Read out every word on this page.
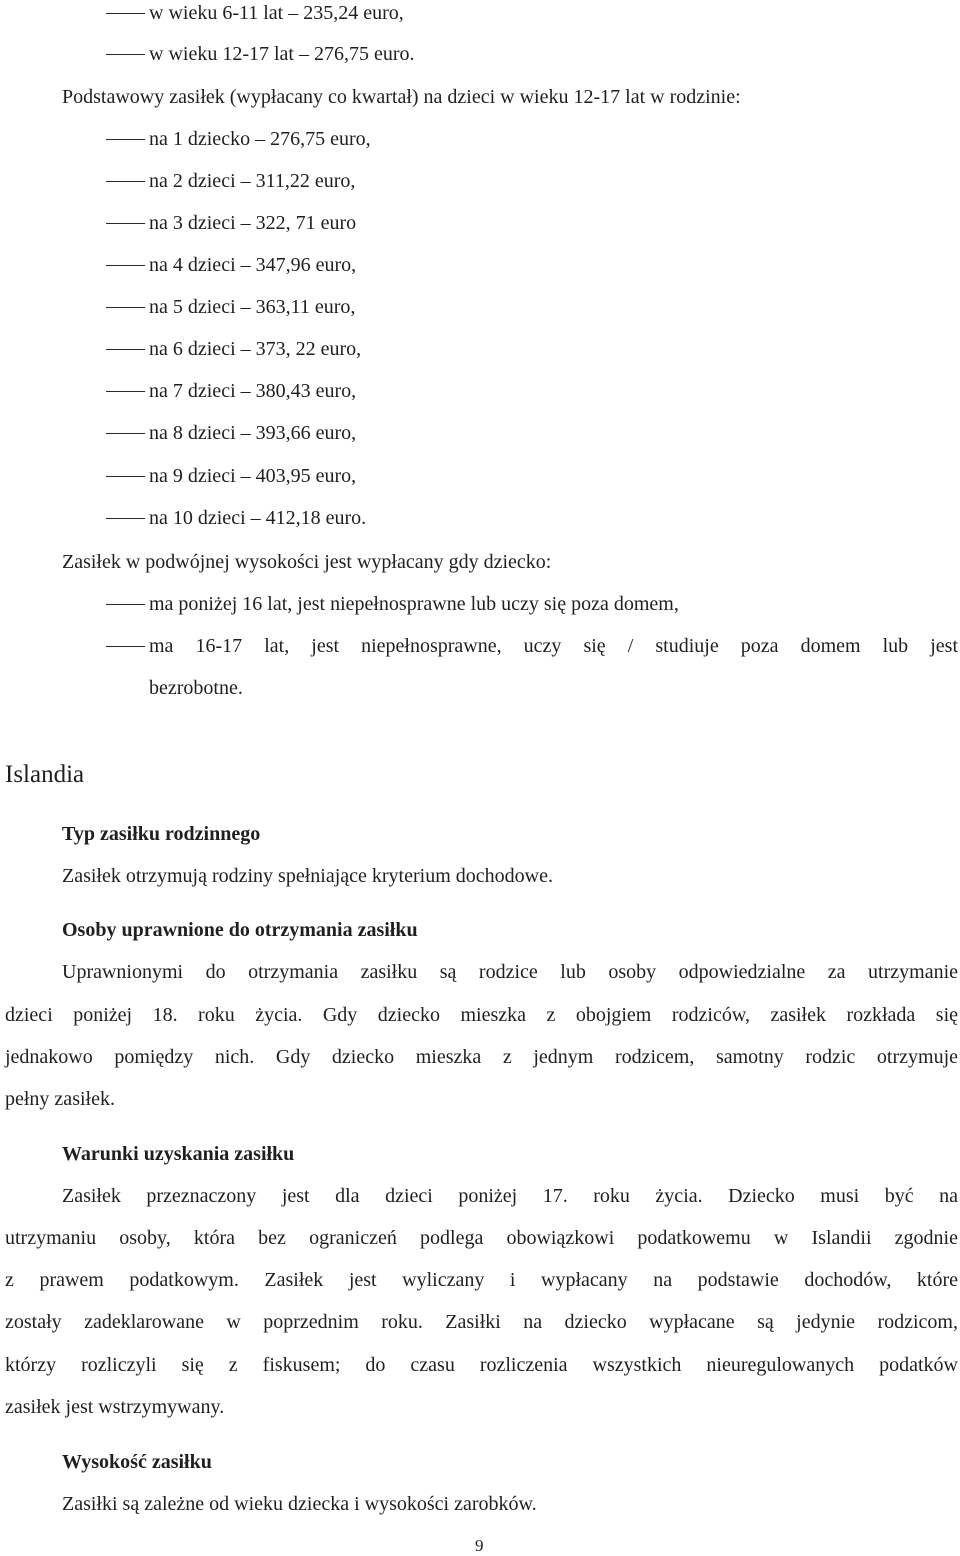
w wieku 6-11 lat – 235,24 euro,
w wieku 12-17 lat – 276,75 euro.
Podstawowy zasiłek (wypłacany co kwartał) na dzieci w wieku 12-17 lat w rodzinie:
na 1 dziecko – 276,75 euro,
na 2 dzieci – 311,22 euro,
na 3 dzieci – 322, 71 euro
na 4 dzieci – 347,96 euro,
na 5 dzieci – 363,11 euro,
na 6 dzieci – 373, 22 euro,
na 7 dzieci – 380,43 euro,
na 8 dzieci – 393,66 euro,
na 9 dzieci – 403,95 euro,
na 10 dzieci – 412,18 euro.
Zasiłek w podwójnej wysokości jest wypłacany gdy dziecko:
ma poniżej 16 lat, jest niepełnosprawne lub uczy się poza domem,
ma 16-17 lat, jest niepełnosprawne, uczy się / studiuje poza domem lub jest
bezrobotne.
Islandia
Typ zasiłku rodzinnego
Zasiłek otrzymują rodziny spełniające kryterium dochodowe.
Osoby uprawnione do otrzymania zasiłku
Uprawnionymi do otrzymania zasiłku są rodzice lub osoby odpowiedzialne za utrzymanie
dzieci poniżej 18. roku życia. Gdy dziecko mieszka z obojgiem rodziców, zasiłek rozkłada się
jednakowo pomiędzy nich. Gdy dziecko mieszka z jednym rodzicem, samotny rodzic otrzymuje
pełny zasiłek.
Warunki uzyskania zasiłku
Zasiłek przeznaczony jest dla dzieci poniżej 17. roku życia. Dziecko musi być na
utrzymaniu osoby, która bez ograniczeń podlega obowiązkowi podatkowemu w Islandii zgodnie
z prawem podatkowym. Zasiłek jest wyliczany i wypłacany na podstawie dochodów, które
zostały zadeklarowane w poprzednim roku. Zasiłki na dziecko wypłacane są jedynie rodzicom,
którzy rozliczyli się z fiskusem; do czasu rozliczenia wszystkich nieuregulowanych podatków
zasiłek jest wstrzymywany.
Wysokość zasiłku
Zasiłki są zależne od wieku dziecka i wysokości zarobków.
9
